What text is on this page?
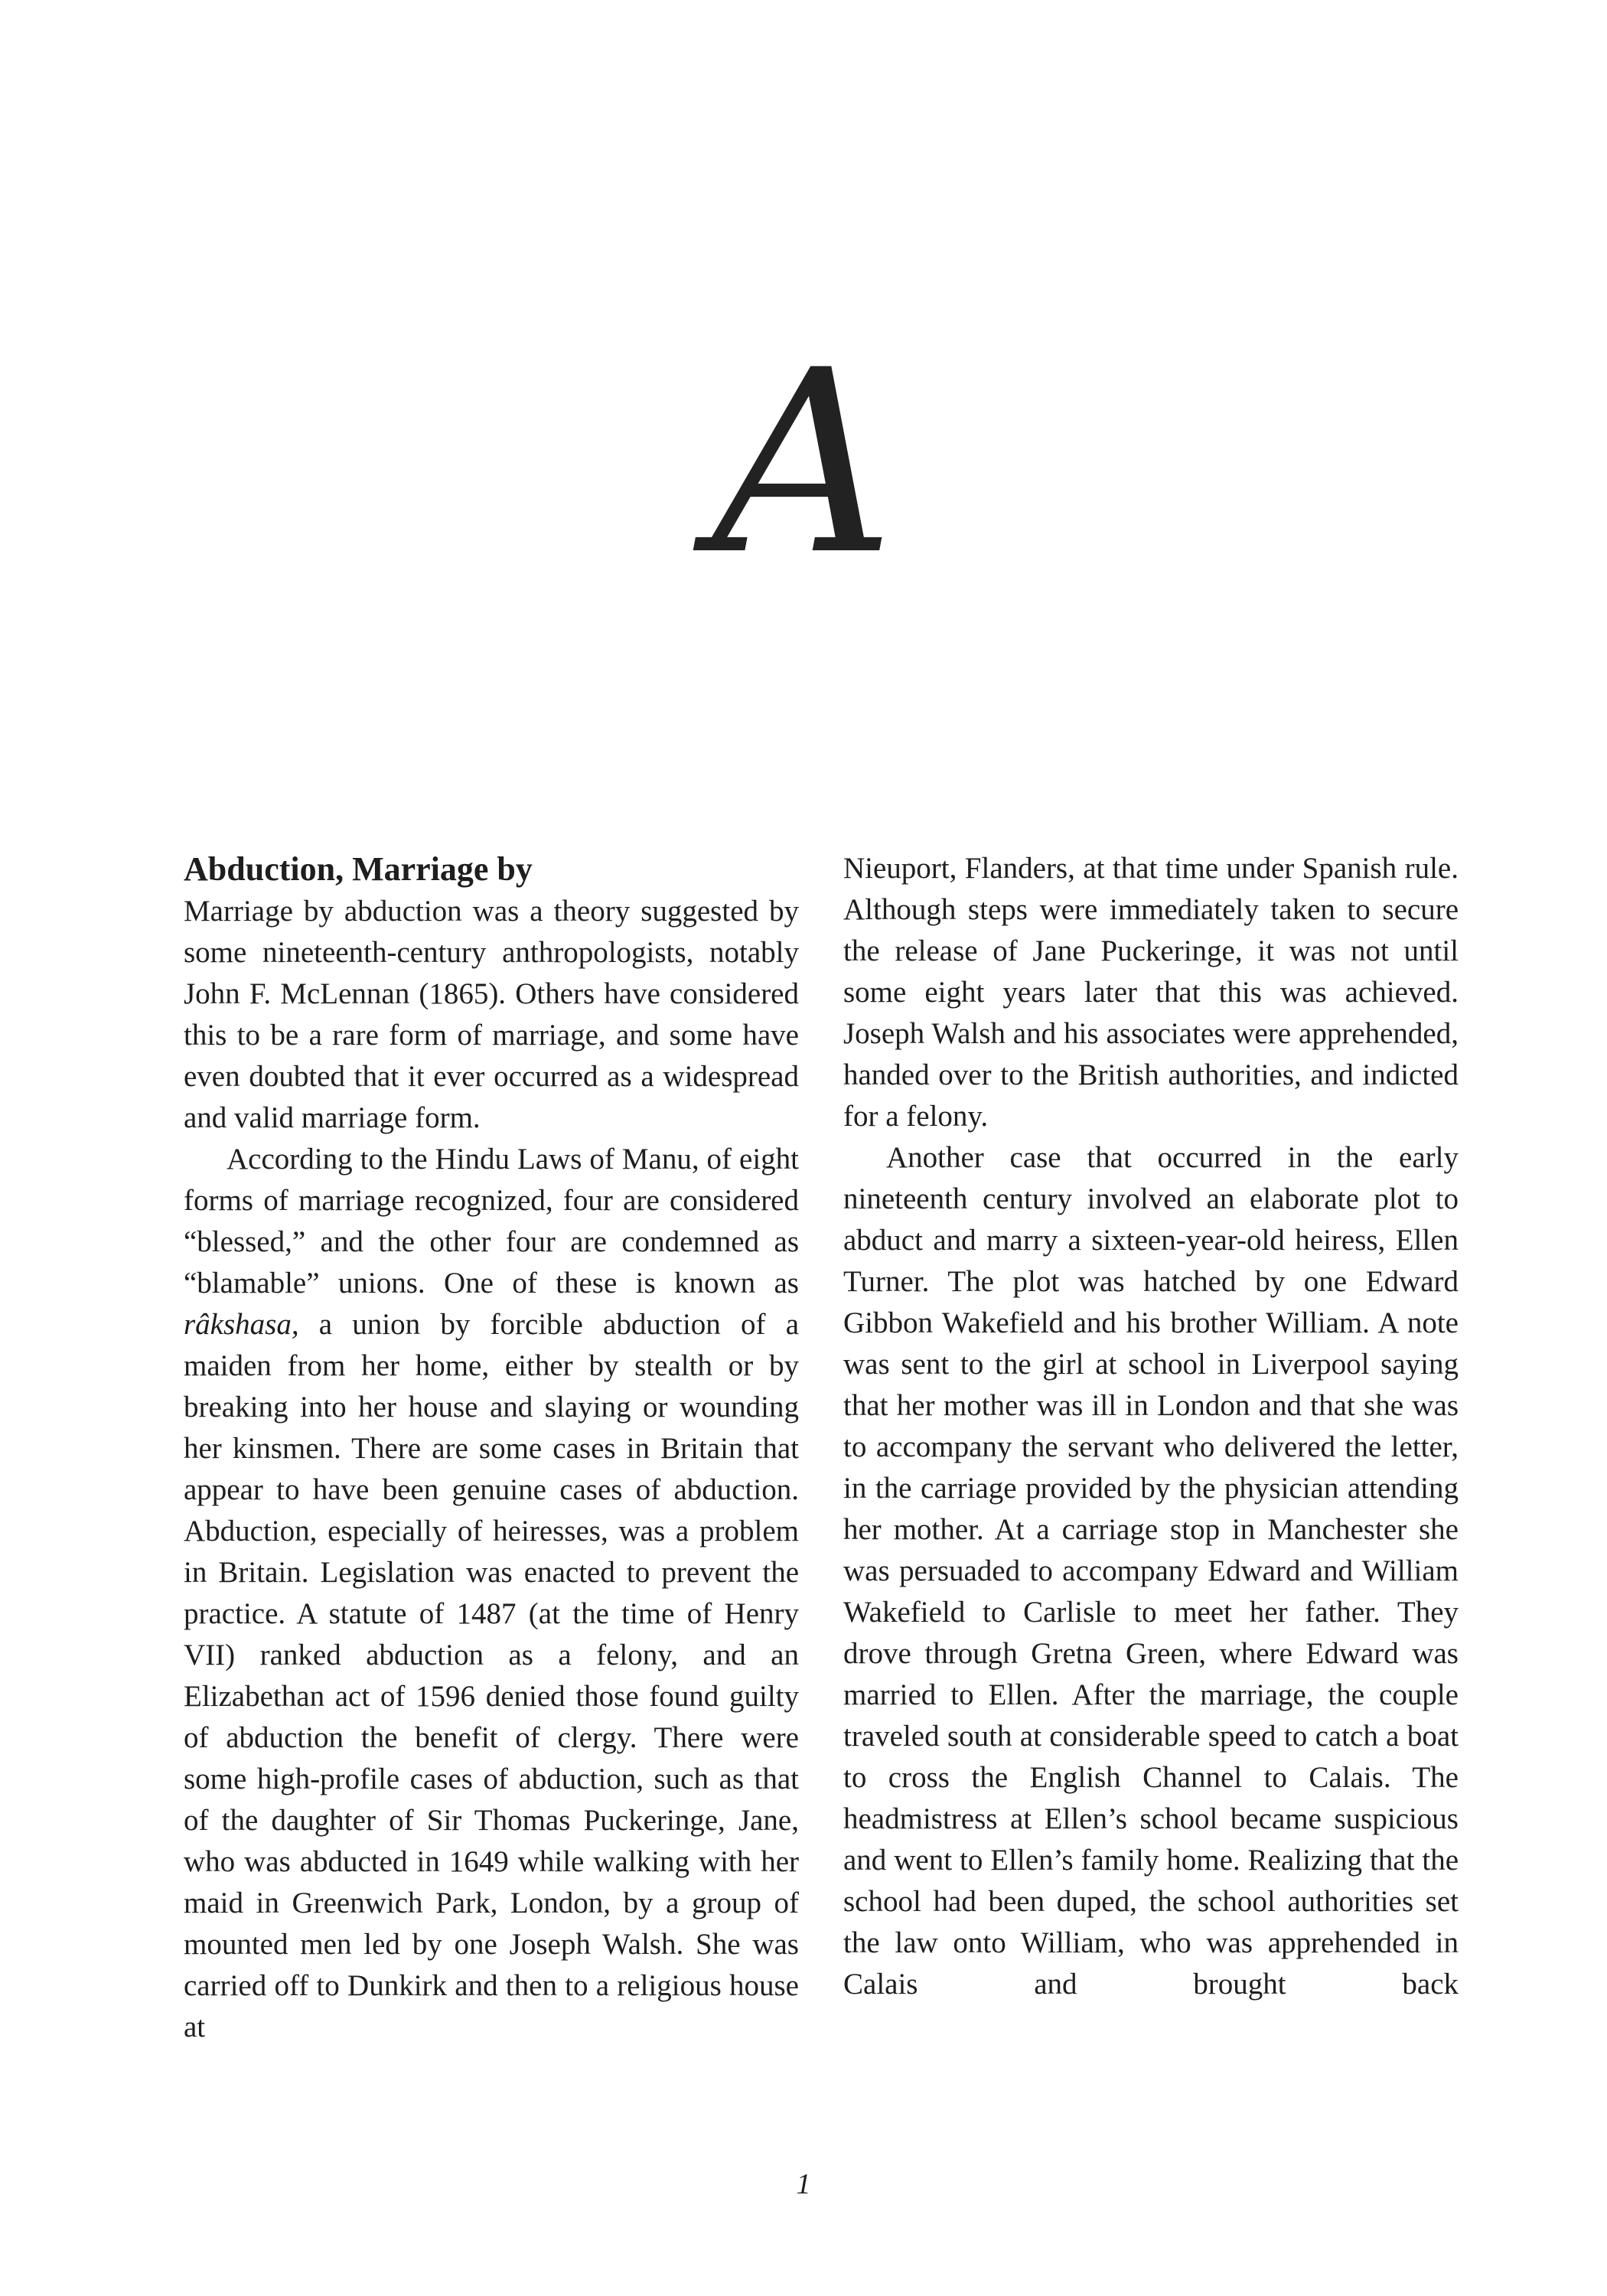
A
Abduction, Marriage by

Marriage by abduction was a theory suggested by some nineteenth-century anthropologists, notably John F. McLennan (1865). Others have considered this to be a rare form of marriage, and some have even doubted that it ever occurred as a widespread and valid marriage form.

According to the Hindu Laws of Manu, of eight forms of marriage recognized, four are considered “blessed,” and the other four are condemned as “blamable” unions. One of these is known as râkshasa, a union by forcible abduction of a maiden from her home, either by stealth or by breaking into her house and slaying or wounding her kinsmen. There are some cases in Britain that appear to have been genuine cases of abduction. Abduction, especially of heiresses, was a problem in Britain. Legislation was enacted to prevent the practice. A statute of 1487 (at the time of Henry VII) ranked abduction as a felony, and an Elizabethan act of 1596 denied those found guilty of abduction the benefit of clergy. There were some high-profile cases of abduction, such as that of the daughter of Sir Thomas Puckeringe, Jane, who was abducted in 1649 while walking with her maid in Greenwich Park, London, by a group of mounted men led by one Joseph Walsh. She was carried off to Dunkirk and then to a religious house at

Nieuport, Flanders, at that time under Spanish rule. Although steps were immediately taken to secure the release of Jane Puckeringe, it was not until some eight years later that this was achieved. Joseph Walsh and his associates were apprehended, handed over to the British authorities, and indicted for a felony.

Another case that occurred in the early nineteenth century involved an elaborate plot to abduct and marry a sixteen-year-old heiress, Ellen Turner. The plot was hatched by one Edward Gibbon Wakefield and his brother William. A note was sent to the girl at school in Liverpool saying that her mother was ill in London and that she was to accompany the servant who delivered the letter, in the carriage provided by the physician attending her mother. At a carriage stop in Manchester she was persuaded to accompany Edward and William Wakefield to Carlisle to meet her father. They drove through Gretna Green, where Edward was married to Ellen. After the marriage, the couple traveled south at considerable speed to catch a boat to cross the English Channel to Calais. The headmistress at Ellen’s school became suspicious and went to Ellen’s family home. Realizing that the school had been duped, the school authorities set the law onto William, who was apprehended in Calais and brought back

1
